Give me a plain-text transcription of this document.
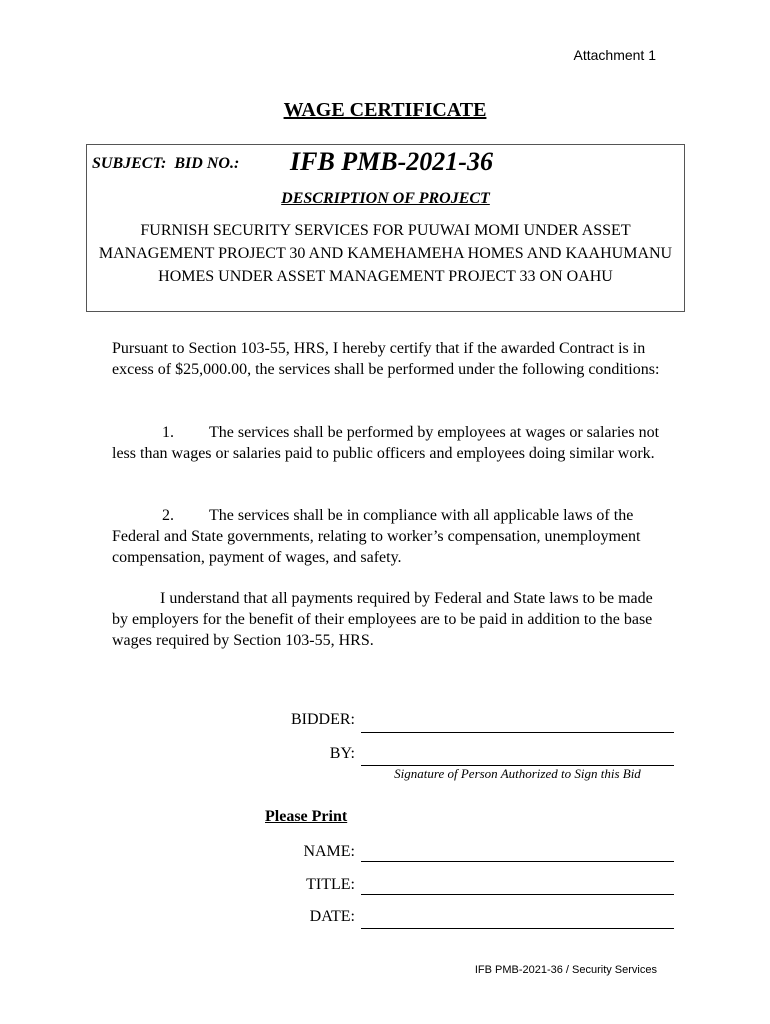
Attachment 1
WAGE CERTIFICATE
SUBJECT:  BID NO.: IFB PMB-2021-36
DESCRIPTION OF PROJECT
FURNISH SECURITY SERVICES FOR PUUWAI MOMI UNDER ASSET MANAGEMENT PROJECT 30 AND KAMEHAMEHA HOMES AND KAAHUMANU HOMES UNDER ASSET MANAGEMENT PROJECT 33 ON OAHU
Pursuant to Section 103-55, HRS, I hereby certify that if the awarded Contract is in excess of $25,000.00, the services shall be performed under the following conditions:
1. The services shall be performed by employees at wages or salaries not less than wages or salaries paid to public officers and employees doing similar work.
2. The services shall be in compliance with all applicable laws of the Federal and State governments, relating to worker’s compensation, unemployment compensation, payment of wages, and safety.
I understand that all payments required by Federal and State laws to be made by employers for the benefit of their employees are to be paid in addition to the base wages required by Section 103-55, HRS.
BIDDER:
BY:
Signature of Person Authorized to Sign this Bid
Please Print
NAME:
TITLE:
DATE:
IFB PMB-2021-36 / Security Services
